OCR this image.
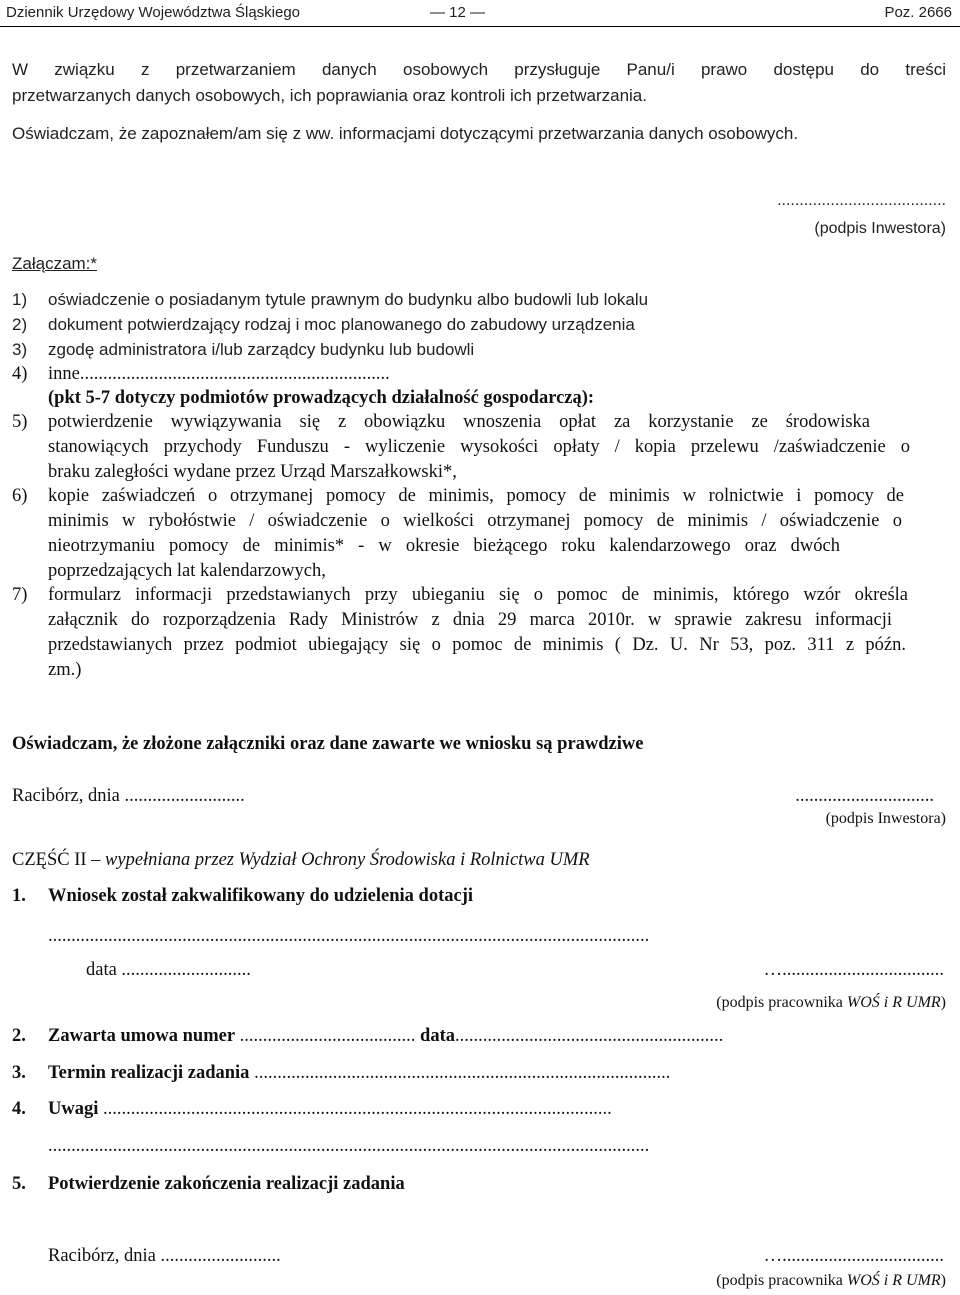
Dziennik Urzędowy Województwa Śląskiego	— 12 —	Poz. 2666
W związku z przetwarzaniem danych osobowych przysługuje Panu/i prawo dostępu do treści
przetwarzanych danych osobowych, ich poprawiania oraz kontroli ich przetwarzania.
Oświadczam, że zapoznałem/am się z ww. informacjami dotyczącymi przetwarzania danych osobowych.
......................................
(podpis Inwestora)
Załączam:*
1)	oświadczenie o posiadanym tytule prawnym do budynku albo budowli lub lokalu
2)	dokument potwierdzający rodzaj i moc planowanego do zabudowy urządzenia
3)	zgodę administratora i/lub zarządcy budynku lub budowli
4)	inne...................................................................
(pkt 5-7 dotyczy podmiotów prowadzących działalność gospodarczą):
5) potwierdzenie wywiązywania się z obowiązku wnoszenia opłat za korzystanie ze środowiska
stanowiących przychody Funduszu - wyliczenie wysokości opłaty / kopia przelewu /zaświadczenie o
braku zaległości wydane przez Urząd Marszałkowski*,
6) kopie zaświadczeń o otrzymanej pomocy de minimis, pomocy de minimis w rolnictwie i pomocy de
minimis w rybołóstwie / oświadczenie o wielkości otrzymanej pomocy de minimis / oświadczenie o
nieotrzymaniu pomocy de minimis* - w okresie bieżącego roku kalendarzowego oraz dwóch
poprzedzających lat kalendarzowych,
7) formularz informacji przedstawianych przy ubieganiu się o pomoc de minimis, którego wzór określa
załącznik do rozporządzenia Rady Ministrów z dnia 29 marca 2010r. w sprawie zakresu informacji
przedstawianych przez podmiot ubiegający się o pomoc de minimis ( Dz. U. Nr 53, poz. 311 z późn.
zm.)
Oświadczam, że złożone załączniki oraz dane zawarte we wniosku są prawdziwe
Racibórz, dnia ..........................	..............................
(podpis Inwestora)
CZĘŚĆ II – wypełniana przez Wydział Ochrony Środowiska i Rolnictwa UMR
1. Wniosek został zakwalifikowany do udzielenia dotacji
..................................................................................................................................
data ............................	…...................................
(podpis pracownika WOŚ i R UMR)
2. Zawarta umowa numer ...................................... data..........................................................
3. Termin realizacji zadania ..........................................................................................
4. Uwagi ..............................................................................................................
..................................................................................................................................
5. Potwierdzenie zakończenia realizacji zadania
Racibórz, dnia ..........................	…...................................
(podpis pracownika WOŚ i R UMR)
